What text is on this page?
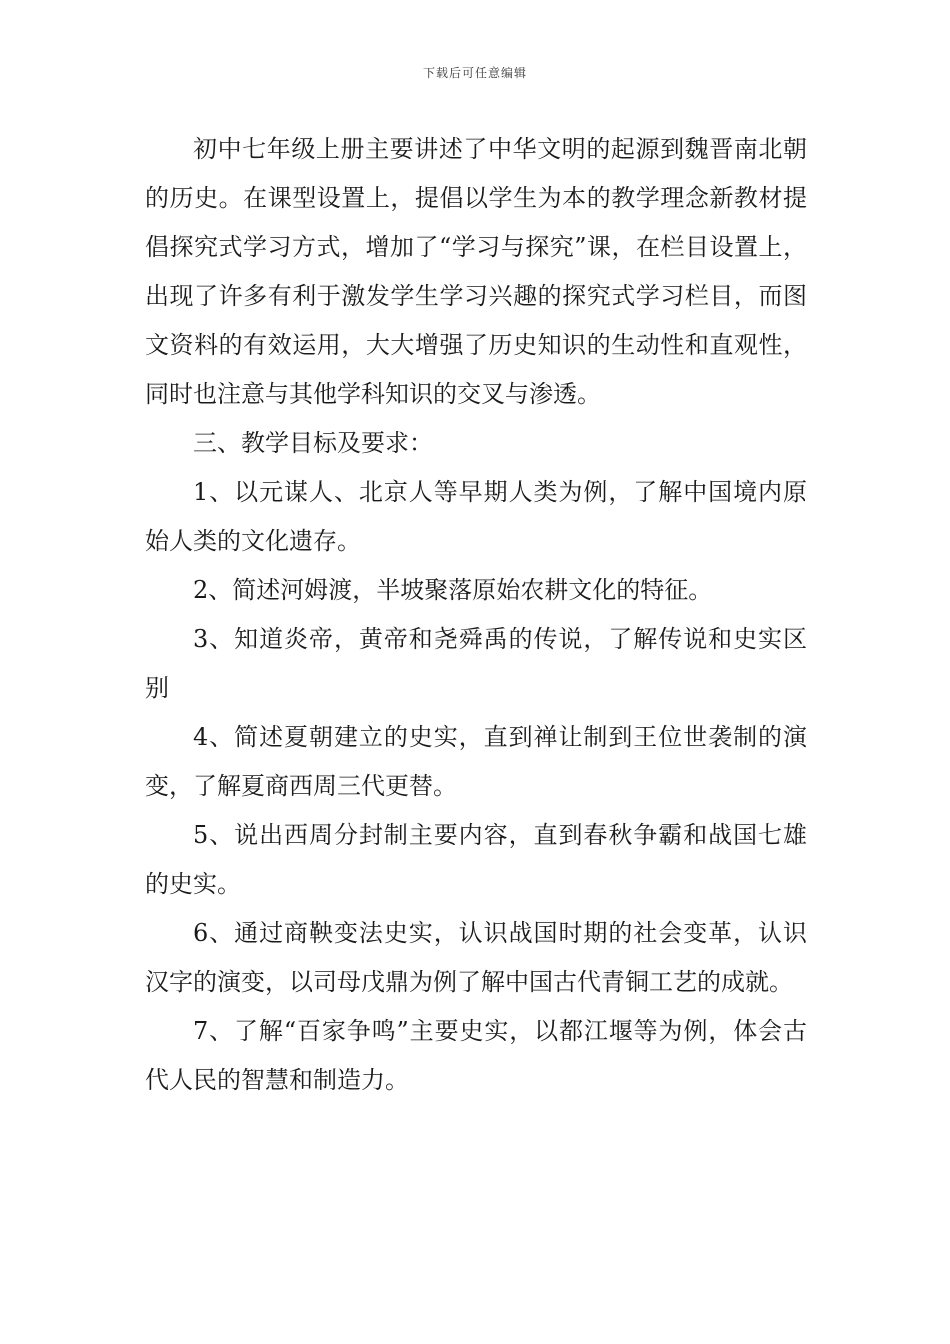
下载后可任意编辑

初中七年级上册主要讲述了中华文明的起源到魏晋南北朝的历史。在课型设置上，提倡以学生为本的教学理念新教材提倡探究式学习方式，增加了“学习与探究”课，在栏目设置上，出现了许多有利于激发学生学习兴趣的探究式学习栏目，而图文资料的有效运用，大大增强了历史知识的生动性和直观性，同时也注意与其他学科知识的交叉与渗透。

三、教学目标及要求：

1、以元谋人、北京人等早期人类为例，了解中国境内原始人类的文化遗存。

2、简述河姆渡，半坡聚落原始农耕文化的特征。

3、知道炎帝，黄帝和尧舜禹的传说，了解传说和史实区别

4、简述夏朝建立的史实，直到禅让制到王位世袭制的演变，了解夏商西周三代更替。

5、说出西周分封制主要内容，直到春秋争霸和战国七雄的史实。

6、通过商鞅变法史实，认识战国时期的社会变革，认识汉字的演变，以司母戊鼎为例了解中国古代青铜工艺的成就。

7、了解“百家争鸣”主要史实，以都江堰等为例，体会古代人民的智慧和制造力。
